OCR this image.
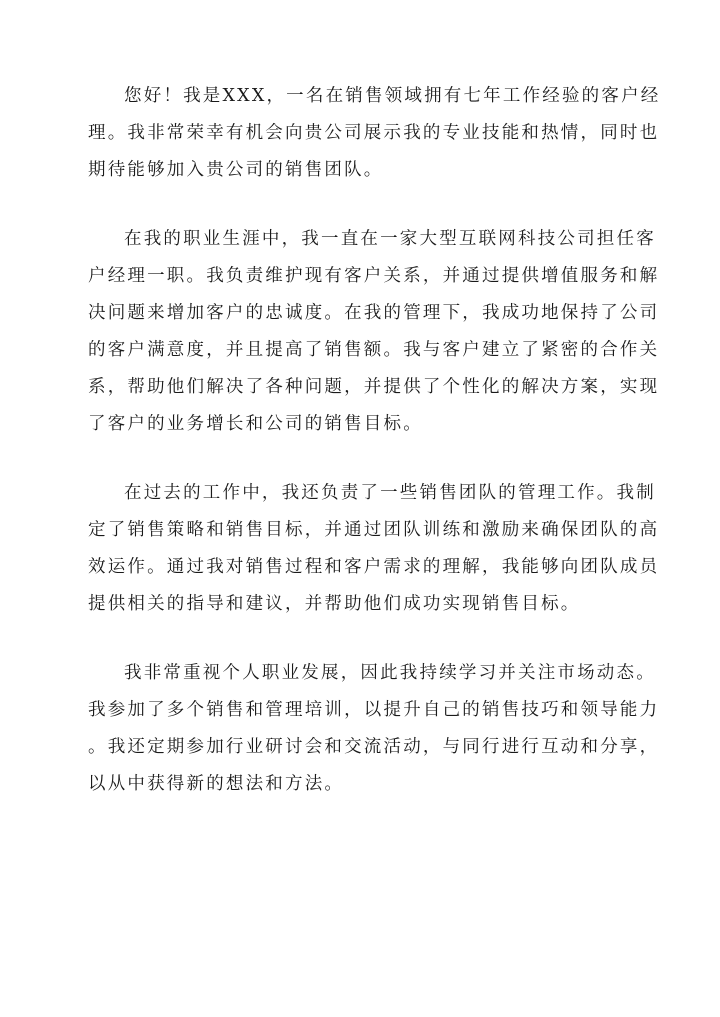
您好！我是XXX，一名在销售领域拥有七年工作经验的客户经
理。我非常荣幸有机会向贵公司展示我的专业技能和热情，同时也
期待能够加入贵公司的销售团队。
在我的职业生涯中，我一直在一家大型互联网科技公司担任客
户经理一职。我负责维护现有客户关系，并通过提供增值服务和解
决问题来增加客户的忠诚度。在我的管理下，我成功地保持了公司
的客户满意度，并且提高了销售额。我与客户建立了紧密的合作关
系，帮助他们解决了各种问题，并提供了个性化的解决方案，实现
了客户的业务增长和公司的销售目标。
在过去的工作中，我还负责了一些销售团队的管理工作。我制
定了销售策略和销售目标，并通过团队训练和激励来确保团队的高
效运作。通过我对销售过程和客户需求的理解，我能够向团队成员
提供相关的指导和建议，并帮助他们成功实现销售目标。
我非常重视个人职业发展，因此我持续学习并关注市场动态。
我参加了多个销售和管理培训，以提升自己的销售技巧和领导能力
。我还定期参加行业研讨会和交流活动，与同行进行互动和分享，
以从中获得新的想法和方法。
